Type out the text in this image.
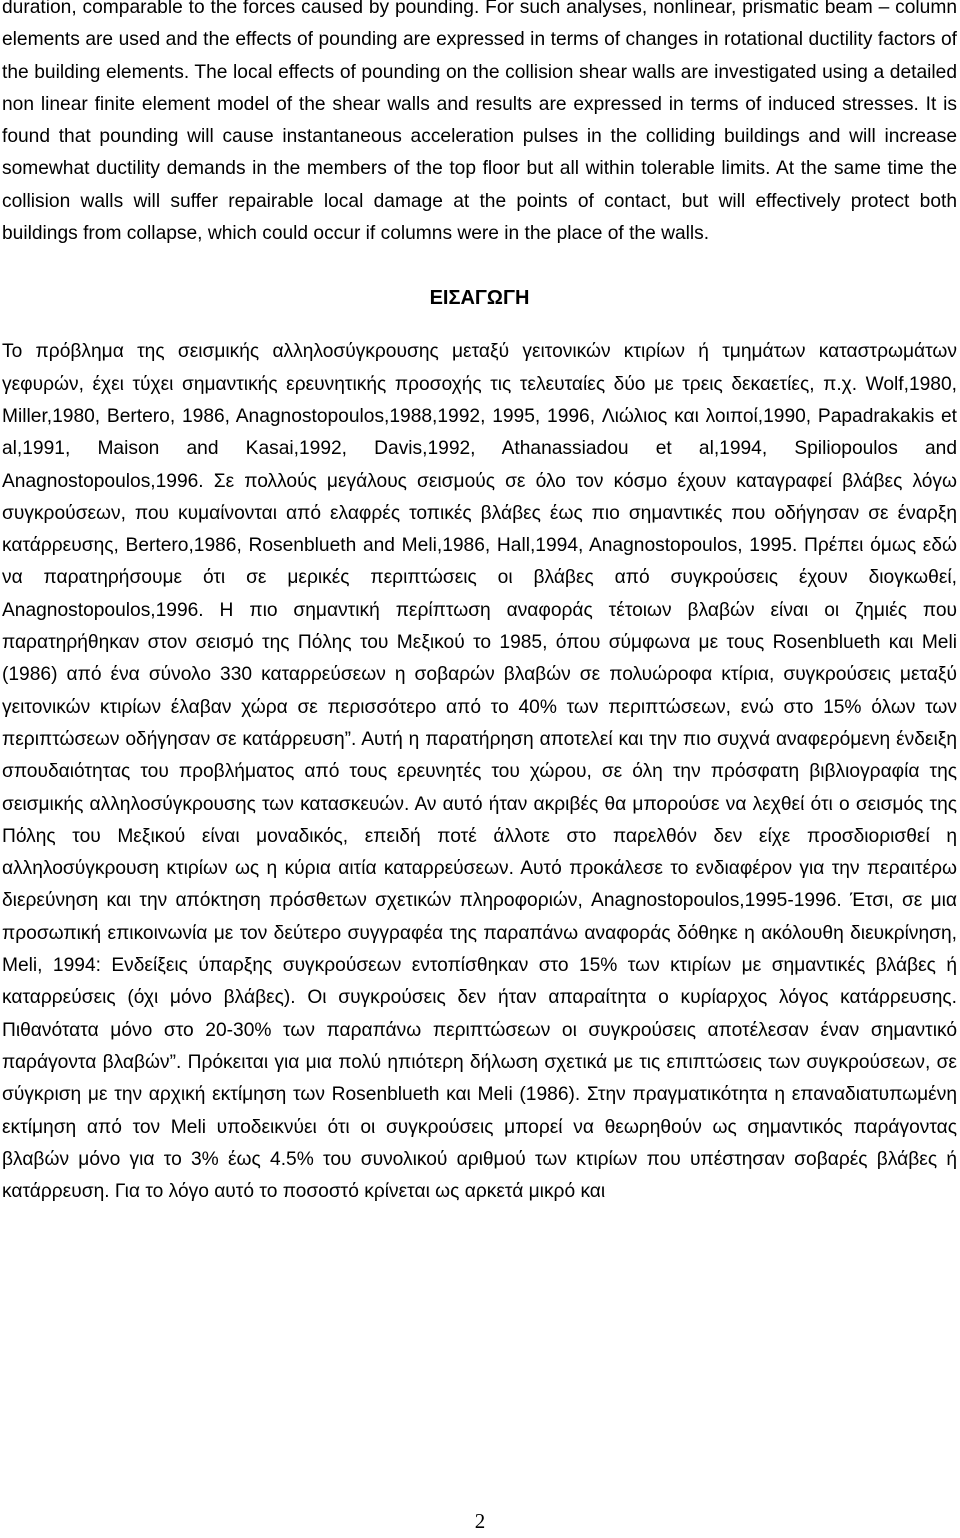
duration, comparable to the forces caused by pounding. For such analyses, nonlinear, prismatic beam – column elements are used and the effects of pounding are expressed in terms of changes in rotational ductility factors of the building elements. The local effects of pounding on the collision shear walls are investigated using a detailed non linear finite element model of the shear walls and results are expressed in terms of induced stresses. It is found that pounding will cause instantaneous acceleration pulses in the colliding buildings and will increase somewhat ductility demands in the members of the top floor but all within tolerable limits. At the same time the collision walls will suffer repairable local damage at the points of contact, but will effectively protect both buildings from collapse, which could occur if columns were in the place of the walls.

ΕΙΣΑΓΩΓΗ

Το πρόβλημα της σεισμικής αλληλοσύγκρουσης μεταξύ γειτονικών κτιρίων ή τμημάτων καταστρωμάτων γεφυρών, έχει τύχει σημαντικής ερευνητικής προσοχής τις τελευταίες δύο με τρεις δεκαετίες, π.χ. Wolf,1980, Miller,1980, Bertero, 1986, Anagnostopoulos,1988,1992, 1995, 1996, Λιώλιος και λοιποί,1990, Papadrakakis et al,1991, Maison and Kasai,1992, Davis,1992, Athanassiadou et al,1994, Spiliopoulos and Anagnostopoulos,1996. Σε πολλούς μεγάλους σεισμούς σε όλο τον κόσμο έχουν καταγραφεί βλάβες λόγω συγκρούσεων, που κυμαίνονται από ελαφρές τοπικές βλάβες έως πιο σημαντικές που οδήγησαν σε έναρξη κατάρρευσης, Bertero,1986, Rosenblueth and Meli,1986, Hall,1994, Anagnostopoulos, 1995. Πρέπει όμως εδώ να παρατηρήσουμε ότι σε μερικές περιπτώσεις οι βλάβες από συγκρούσεις έχουν διογκωθεί, Anagnostopoulos,1996. Η πιο σημαντική περίπτωση αναφοράς τέτοιων βλαβών είναι οι ζημιές που παρατηρήθηκαν στον σεισμό της Πόλης του Μεξικού το 1985, όπου σύμφωνα με τους Rosenblueth και Meli (1986) από ένα σύνολο 330 καταρρεύσεων η σοβαρών βλαβών σε πολυώροφα κτίρια, συγκρούσεις μεταξύ γειτονικών κτιρίων έλαβαν χώρα σε περισσότερο από το 40% των περιπτώσεων, ενώ στο 15% όλων των περιπτώσεων οδήγησαν σε κατάρρευση”. Αυτή η παρατήρηση αποτελεί και την πιο συχνά αναφερόμενη ένδειξη σπουδαιότητας του προβλήματος από τους ερευνητές του χώρου, σε όλη την πρόσφατη βιβλιογραφία της σεισμικής αλληλοσύγκρουσης των κατασκευών. Αν αυτό ήταν ακριβές θα μπορούσε να λεχθεί ότι ο σεισμός της Πόλης του Μεξικού είναι μοναδικός, επειδή ποτέ άλλοτε στο παρελθόν δεν είχε προσδιορισθεί η αλληλοσύγκρουση κτιρίων ως η κύρια αιτία καταρρεύσεων. Αυτό προκάλεσε το ενδιαφέρον για την περαιτέρω διερεύνηση και την απόκτηση πρόσθετων σχετικών πληροφοριών, Anagnostopoulos,1995-1996. Έτσι, σε μια προσωπική επικοινωνία με τον δεύτερο συγγραφέα της παραπάνω αναφοράς δόθηκε η ακόλουθη διευκρίνηση, Meli, 1994: Ενδείξεις ύπαρξης συγκρούσεων εντοπίσθηκαν στο 15% των κτιρίων με σημαντικές βλάβες ή καταρρεύσεις (όχι μόνο βλάβες). Οι συγκρούσεις δεν ήταν απαραίτητα ο κυρίαρχος λόγος κατάρρευσης. Πιθανότατα μόνο στο 20-30% των παραπάνω περιπτώσεων οι συγκρούσεις αποτέλεσαν έναν σημαντικό παράγοντα βλαβών”. Πρόκειται για μια πολύ ηπιότερη δήλωση σχετικά με τις επιπτώσεις των συγκρούσεων, σε σύγκριση με την αρχική εκτίμηση των Rosenblueth και Meli (1986). Στην πραγματικότητα η επαναδιατυπωμένη εκτίμηση από τον Meli υποδεικνύει ότι οι συγκρούσεις μπορεί να θεωρηθούν ως σημαντικός παράγοντας βλαβών μόνο για το 3% έως 4.5% του συνολικού αριθμού των κτιρίων που υπέστησαν σοβαρές βλάβες ή κατάρρευση. Για το λόγο αυτό το ποσοστό κρίνεται ως αρκετά μικρό και

2
